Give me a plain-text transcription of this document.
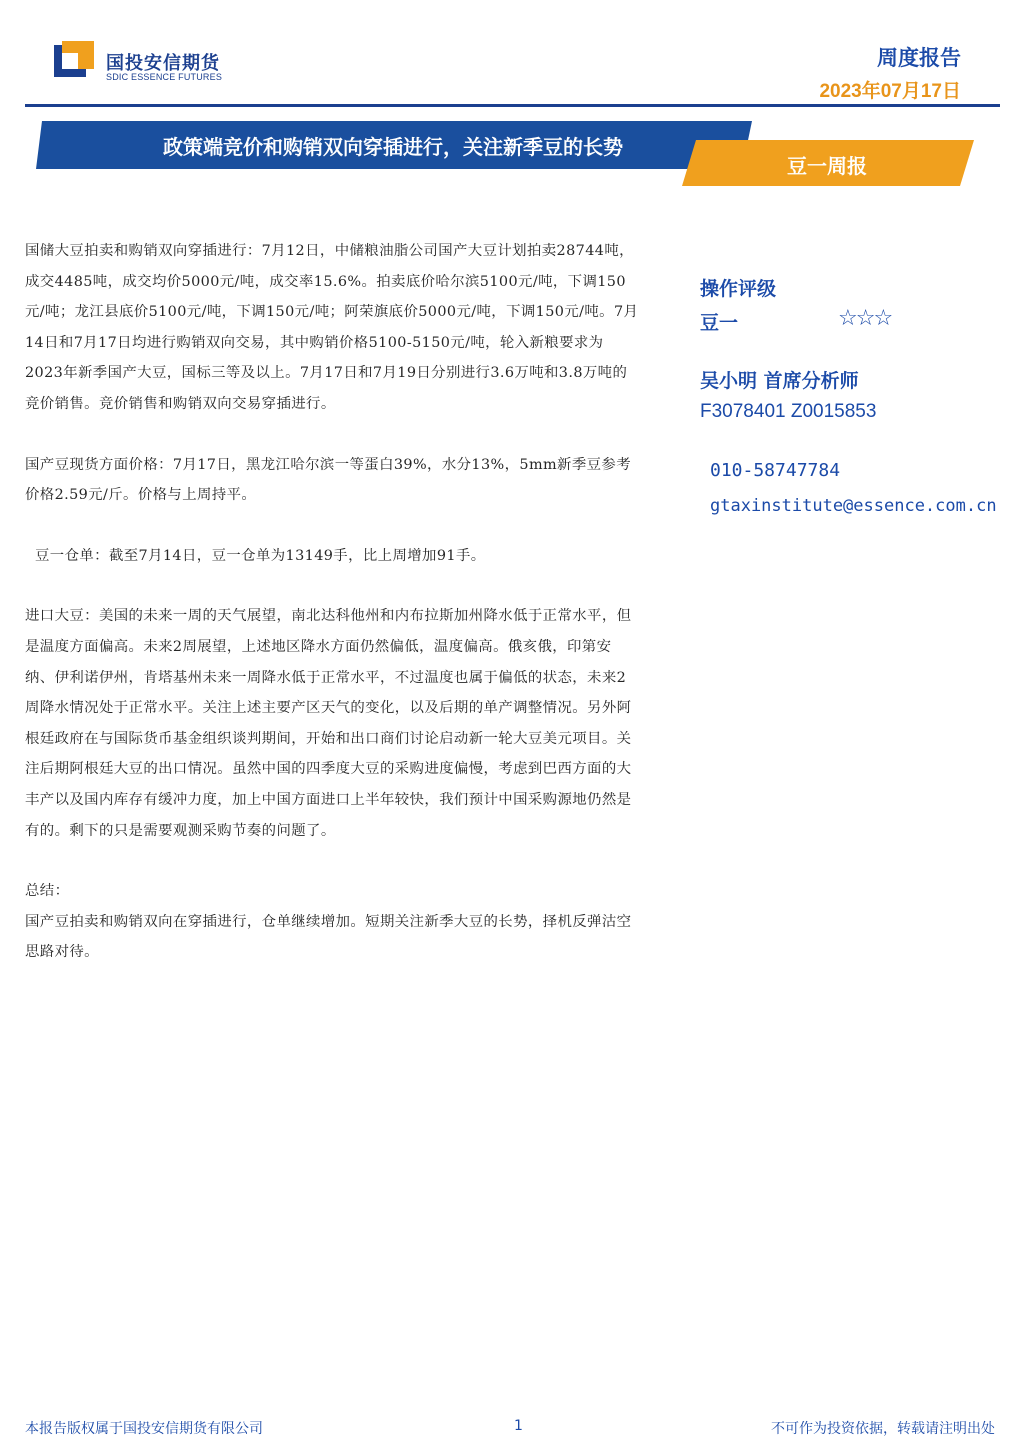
国投安信期货
SDIC ESSENCE FUTURES
周度报告
2023年07月17日
政策端竞价和购销双向穿插进行，关注新季豆的长势
豆一周报

国储大豆拍卖和购销双向穿插进行：7月12日，中储粮油脂公司国产大豆计划拍卖28744吨，成交4485吨，成交均价5000元/吨，成交率15.6%。拍卖底价哈尔滨5100元/吨，下调150元/吨；龙江县底价5100元/吨，下调150元/吨；阿荣旗底价5000元/吨，下调150元/吨。7月14日和7月17日均进行购销双向交易，其中购销价格5100-5150元/吨，轮入新粮要求为2023年新季国产大豆，国标三等及以上。7月17日和7月19日分别进行3.6万吨和3.8万吨的竞价销售。竞价销售和购销双向交易穿插进行。

国产豆现货方面价格：7月17日，黑龙江哈尔滨一等蛋白39%，水分13%，5mm新季豆参考价格2.59元/斤。价格与上周持平。

豆一仓单：截至7月14日，豆一仓单为13149手，比上周增加91手。

进口大豆：美国的未来一周的天气展望，南北达科他州和内布拉斯加州降水低于正常水平，但是温度方面偏高。未来2周展望，上述地区降水方面仍然偏低，温度偏高。俄亥俄，印第安纳、伊利诺伊州，肯塔基州未来一周降水低于正常水平，不过温度也属于偏低的状态，未来2周降水情况处于正常水平。关注上述主要产区天气的变化，以及后期的单产调整情况。另外阿根廷政府在与国际货币基金组织谈判期间，开始和出口商们讨论启动新一轮大豆美元项目。关注后期阿根廷大豆的出口情况。虽然中国的四季度大豆的采购进度偏慢，考虑到巴西方面的大丰产以及国内库存有缓冲力度，加上中国方面进口上半年较快，我们预计中国采购源地仍然是有的。剩下的只是需要观测采购节奏的问题了。

总结：

国产豆拍卖和购销双向在穿插进行，仓单继续增加。短期关注新季大豆的长势，择机反弹沽空思路对待。

操作评级
豆一	☆☆☆
吴小明 首席分析师
F3078401 Z0015853
010-58747784
gtaxinstitute@essence.com.cn
本报告版权属于国投安信期货有限公司	1	不可作为投资依据，转载请注明出处
